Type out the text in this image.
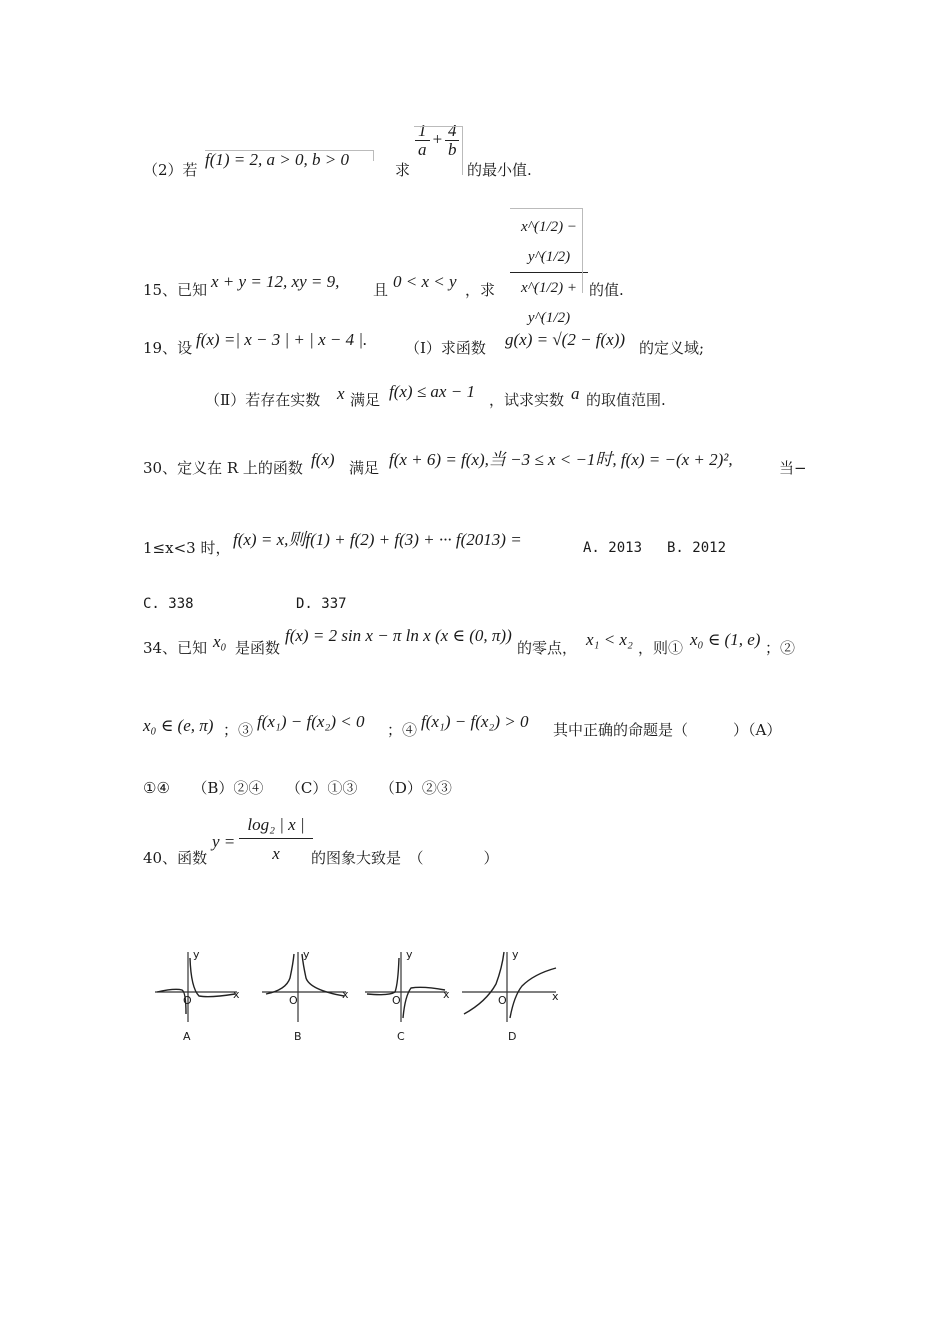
（2）若
f(1) = 2, a > 0, b > 0
求
$\frac{1}{a} + \frac{4}{b}$
的最小值.
15、已知 x + y = 12, xy = 9, 且 0 < x < y ，求	的值.
$\frac{x\^{}(1/2) - y\^{}(1/2)}{x\^{}(1/2) + y\^{}(1/2)}$
19、设 f(x) =| x − 3 | + | x − 4 |.	（Ⅰ）求函数 g(x) = √(2 − f(x)) 的定义域;
（Ⅱ）若存在实数 x 满足 f(x) ≤ ax − 1 ，试求实数 a 的取值范围.
30、定义在 R 上的函数 f(x) 满足 f(x + 6) = f(x),当 −3 ≤ x < −1时, f(x) = −(x + 2)²,	当−
1≤x<3 时， f(x) = x,则f(1) + f(2) + f(3) + ··· f(2013) =	A. 2013 B. 2012
C. 338	D. 337
34、已知 x₀ 是函数
f(x) = 2 sin x − π ln x (x ∈ (0, π))
的零点， x₁ < x₂ ，则① x₀ ∈ (1, e) ；②
x₀ ∈ (e, π) ；③ f(x₁) − f(x₂) < 0 ；④ f(x₁) − f(x₂) > 0 其中正确的命题是（　　　）（A）
①④　　（B）②④　　（C）①③　　（D）②③
40、函数
$y = \frac{\text{log₂ | x |}}{x}$
的图象大致是　（　　　　）
y
x
O
A
y
x
O
B
y
x
O
C
y
x
O
D
